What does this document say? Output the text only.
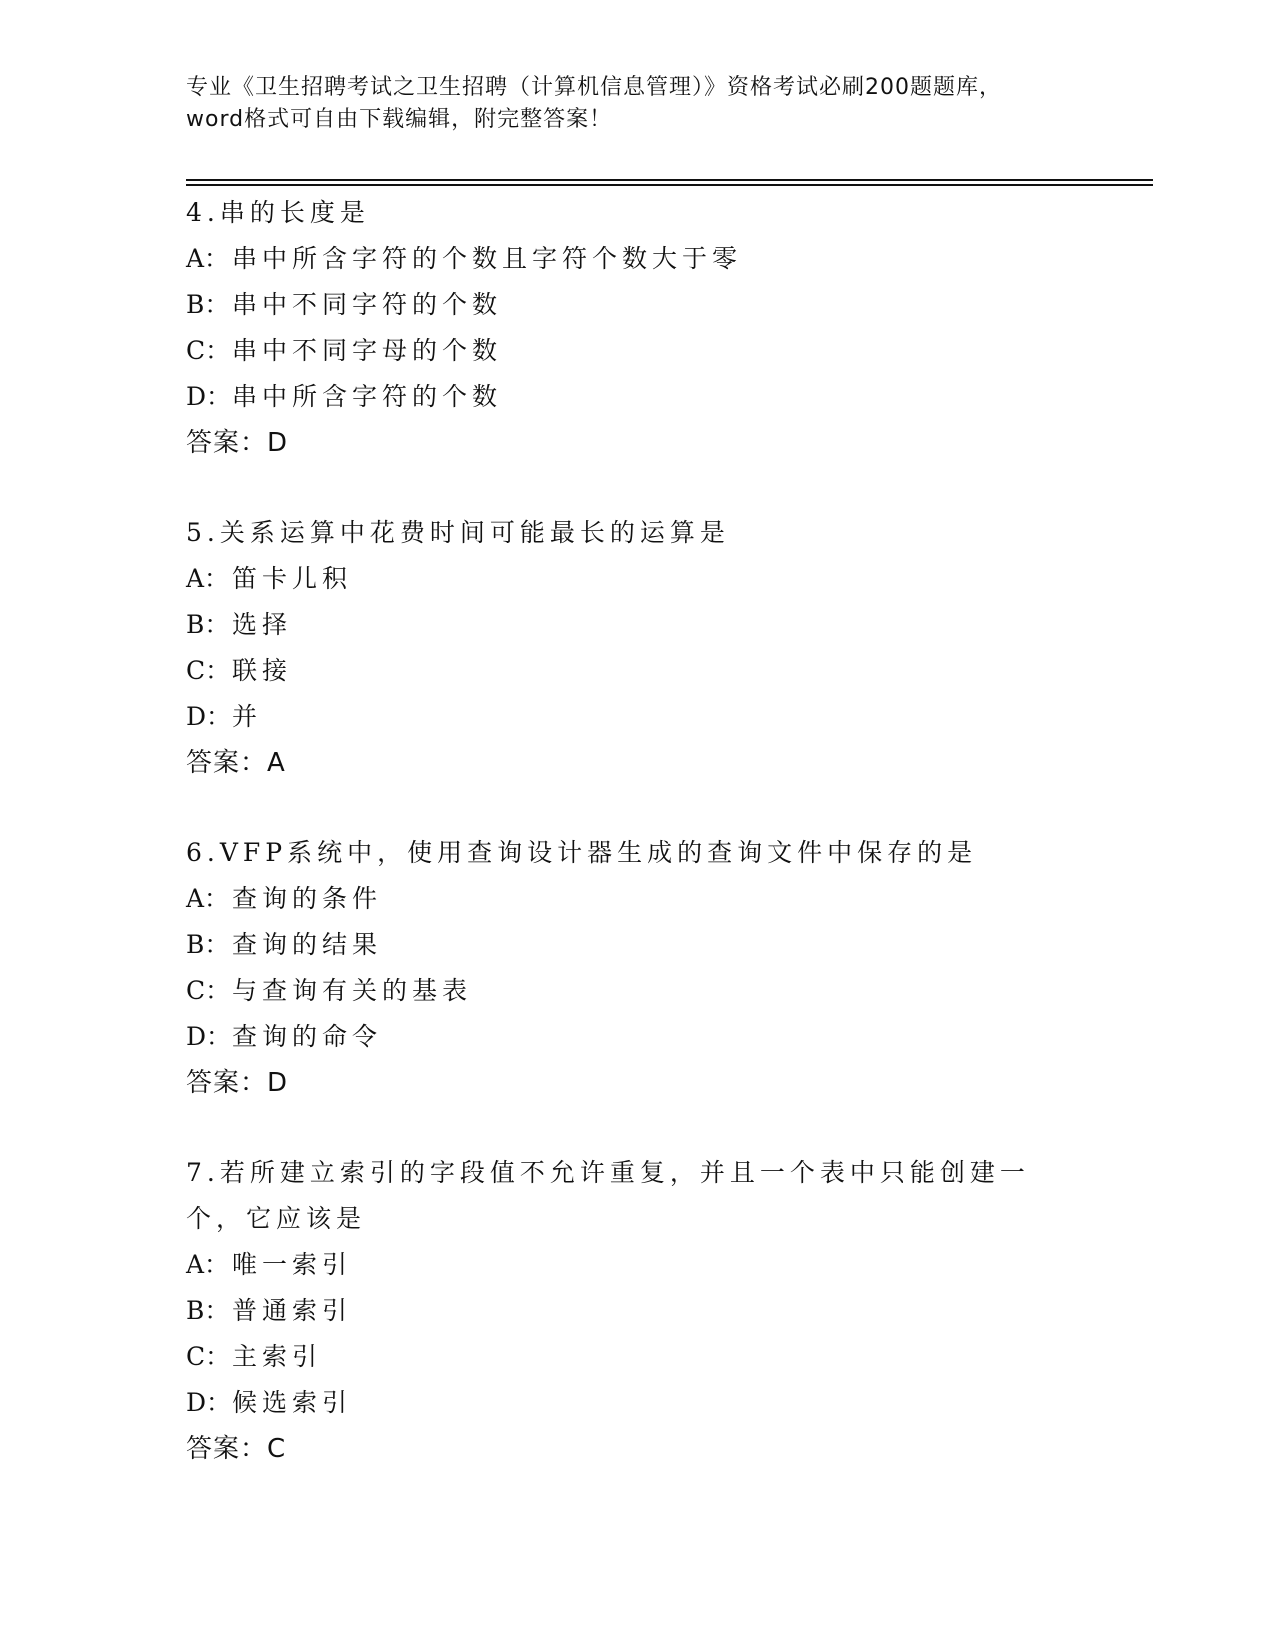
专业《卫生招聘考试之卫生招聘（计算机信息管理）》资格考试必刷200题题库，
word格式可自由下载编辑，附完整答案！
4.串的长度是
A： 串中所含字符的个数且字符个数大于零
B： 串中不同字符的个数
C：串中不同字母的个数
D：串中所含字符的个数
答案：D
5.关系运算中花费时间可能最长的运算是
A： 笛卡儿积
B： 选择
C：联接
D：并
答案：A
6.VFP系统中，使用查询设计器生成的查询文件中保存的是
A： 查询的条件
B： 查询的结果
C：与查询有关的基表
D：查询的命令
答案：D
7.若所建立索引的字段值不允许重复，并且一个表中只能创建一个，它应该是
A： 唯一索引
B： 普通索引
C：主索引
D：候选索引
答案：C
